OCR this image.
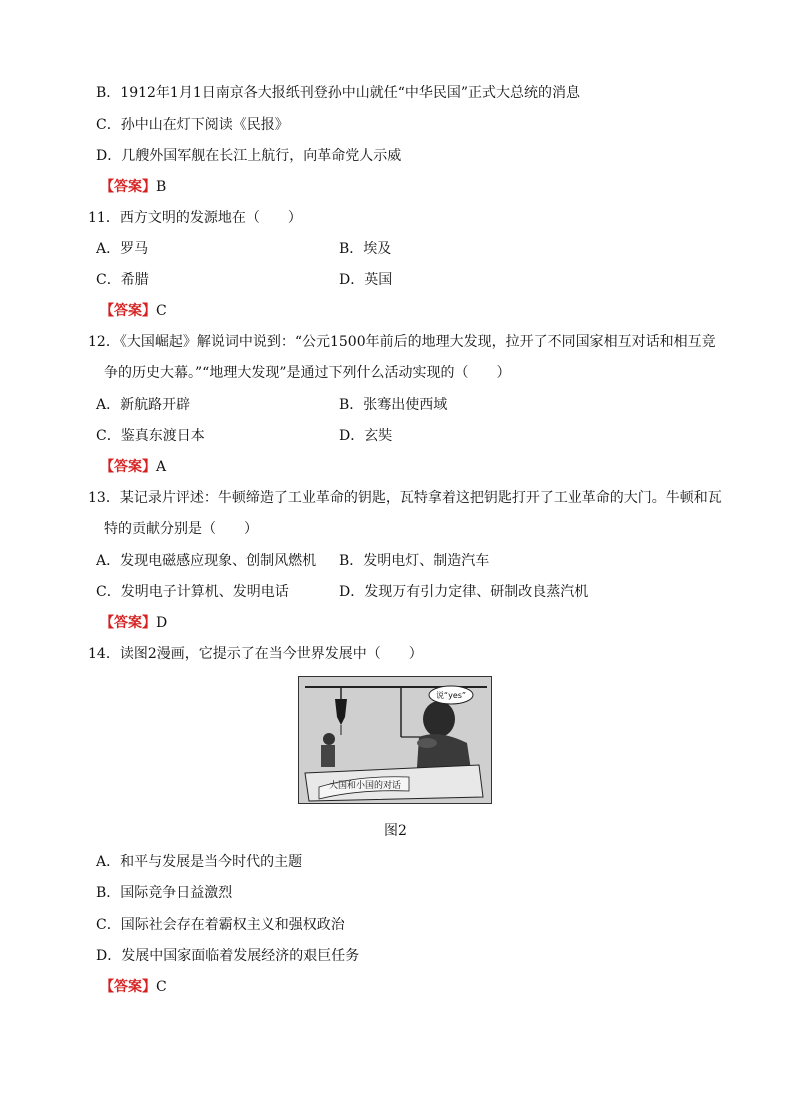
B．1912年1月1日南京各大报纸刊登孙中山就任“中华民国”正式大总统的消息
C．孙中山在灯下阅读《民报》
D．几艘外国军舰在长江上航行，向革命党人示威
【答案】B
11．西方文明的发源地在（　　）
A．罗马	B．埃及
C．希腊	D．英国
【答案】C
12．《大国崛起》解说词中说到：“公元1500年前后的地理大发现，拉开了不同国家相互对话和相互竞
争的历史大幕。”“地理大发现”是通过下列什么活动实现的（　　）
A．新航路开辟	B．张骞出使西域
C．鉴真东渡日本	D．玄奘
【答案】A
13．某记录片评述：牛顿缔造了工业革命的钥匙，瓦特拿着这把钥匙打开了工业革命的大门。牛顿和瓦
特的贡献分别是（　　）
A．发现电磁感应现象、创制风燃机 B．发明电灯、制造汽车
C．发明电子计算机、发明电话	D．发现万有引力定律、研制改良蒸汽机
【答案】D
14．读图2漫画，它提示了在当今世界发展中（　　）
说“yes”
大国和小国的对话
图2
A．和平与发展是当今时代的主题
B．国际竞争日益激烈
C．国际社会存在着霸权主义和强权政治
D．发展中国家面临着发展经济的艰巨任务
【答案】C
